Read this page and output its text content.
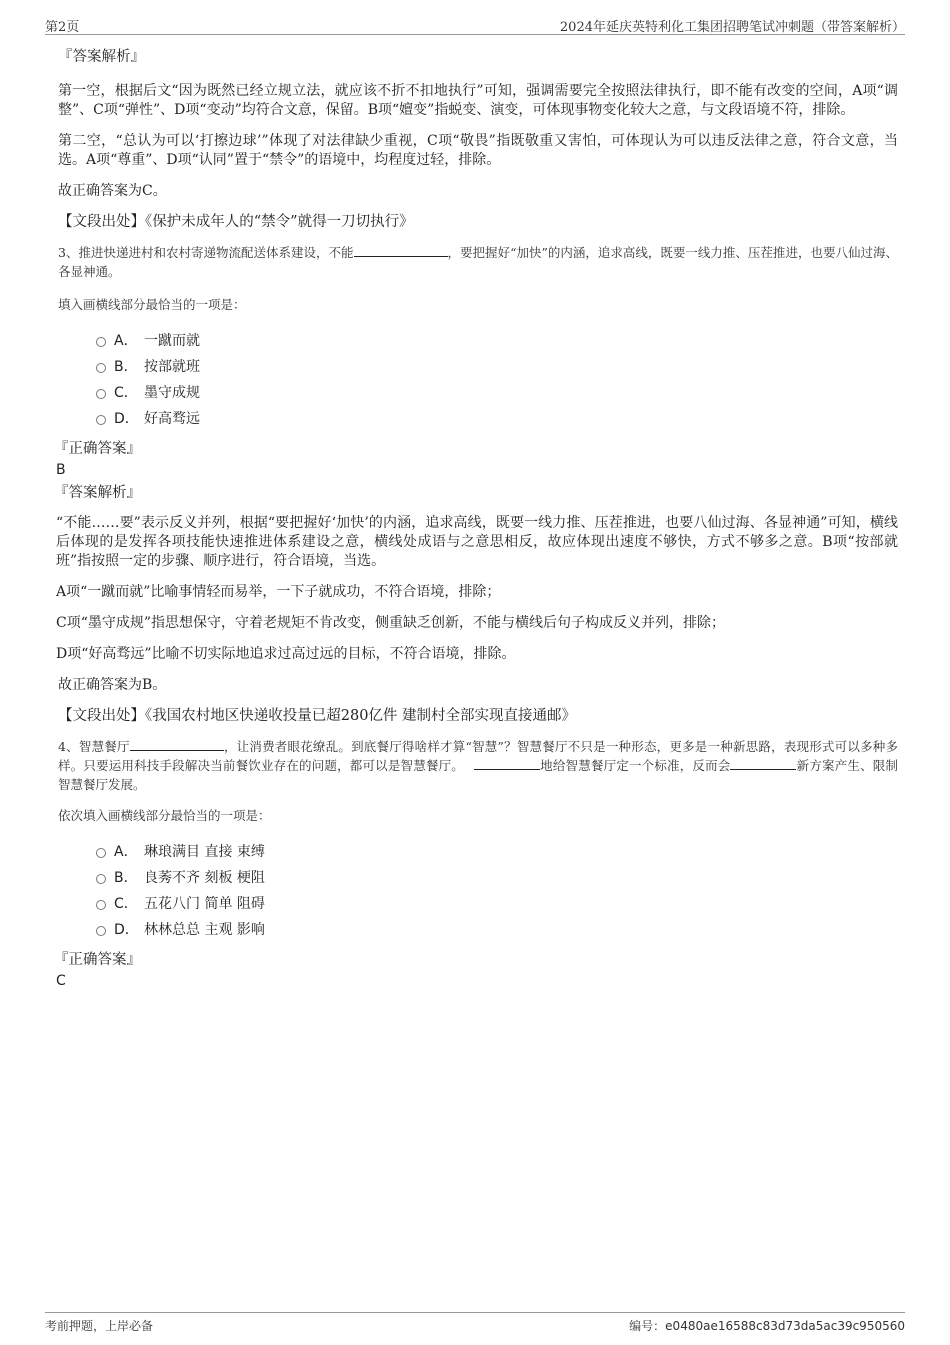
第2页	2024年延庆英特利化工集团招聘笔试冲刺题（带答案解析）

『答案解析』

第一空，根据后文“因为既然已经立规立法，就应该不折不扣地执行”可知，强调需要完全按照法律执行，即不能有改变的空间，A项“调整”、C项“弹性”、D项“变动”均符合文意，保留。B项“嬗变”指蜕变、演变，可体现事物变化较大之意，与文段语境不符，排除。

第二空，“总认为可以‘打擦边球’”体现了对法律缺少重视，C项“敬畏”指既敬重又害怕，可体现认为可以违反法律之意，符合文意，当选。A项“尊重”、D项“认同”置于“禁令”的语境中，均程度过轻，排除。

故正确答案为C。

【文段出处】《保护未成年人的“禁令”就得一刀切执行》

3、推进快递进村和农村寄递物流配送体系建设，不能	，要把握好“加快”的内涵，追求高线，既要一线力推、压茬推进，也要八仙过海、各显神通。

填入画横线部分最恰当的一项是：

A． 一蹴而就
B． 按部就班
C． 墨守成规
D． 好高骛远

『正确答案』

B

『答案解析』

“不能……要”表示反义并列，根据“要把握好‘加快’的内涵，追求高线，既要一线力推、压茬推进，也要八仙过海、各显神通”可知，横线后体现的是发挥各项技能快速推进体系建设之意，横线处成语与之意思相反，故应体现出速度不够快，方式不够多之意。B项“按部就班”指按照一定的步骤、顺序进行，符合语境，当选。

A项“一蹴而就”比喻事情轻而易举，一下子就成功，不符合语境，排除；

C项“墨守成规”指思想保守，守着老规矩不肯改变，侧重缺乏创新，不能与横线后句子构成反义并列，排除；

D项“好高骛远”比喻不切实际地追求过高过远的目标，不符合语境，排除。

故正确答案为B。

【文段出处】《我国农村地区快递收投量已超280亿件 建制村全部实现直接通邮》

4、智慧餐厅	，让消费者眼花缭乱。到底餐厅得啥样才算“智慧”？智慧餐厅不只是一种形态，更多是一种新思路，表现形式可以多种多样。只要运用科技手段解决当前餐饮业存在的问题，都可以是智慧餐厅。	地给智慧餐厅定一个标准，反而会	新方案产生、限制智慧餐厅发展。

依次填入画横线部分最恰当的一项是：

A． 琳琅满目 直接 束缚
B． 良莠不齐 刻板 梗阻
C． 五花八门 简单 阻碍
D． 林林总总 主观 影响

『正确答案』

C

考前押题，上岸必备	编号：e0480ae16588c83d73da5ac39c950560
